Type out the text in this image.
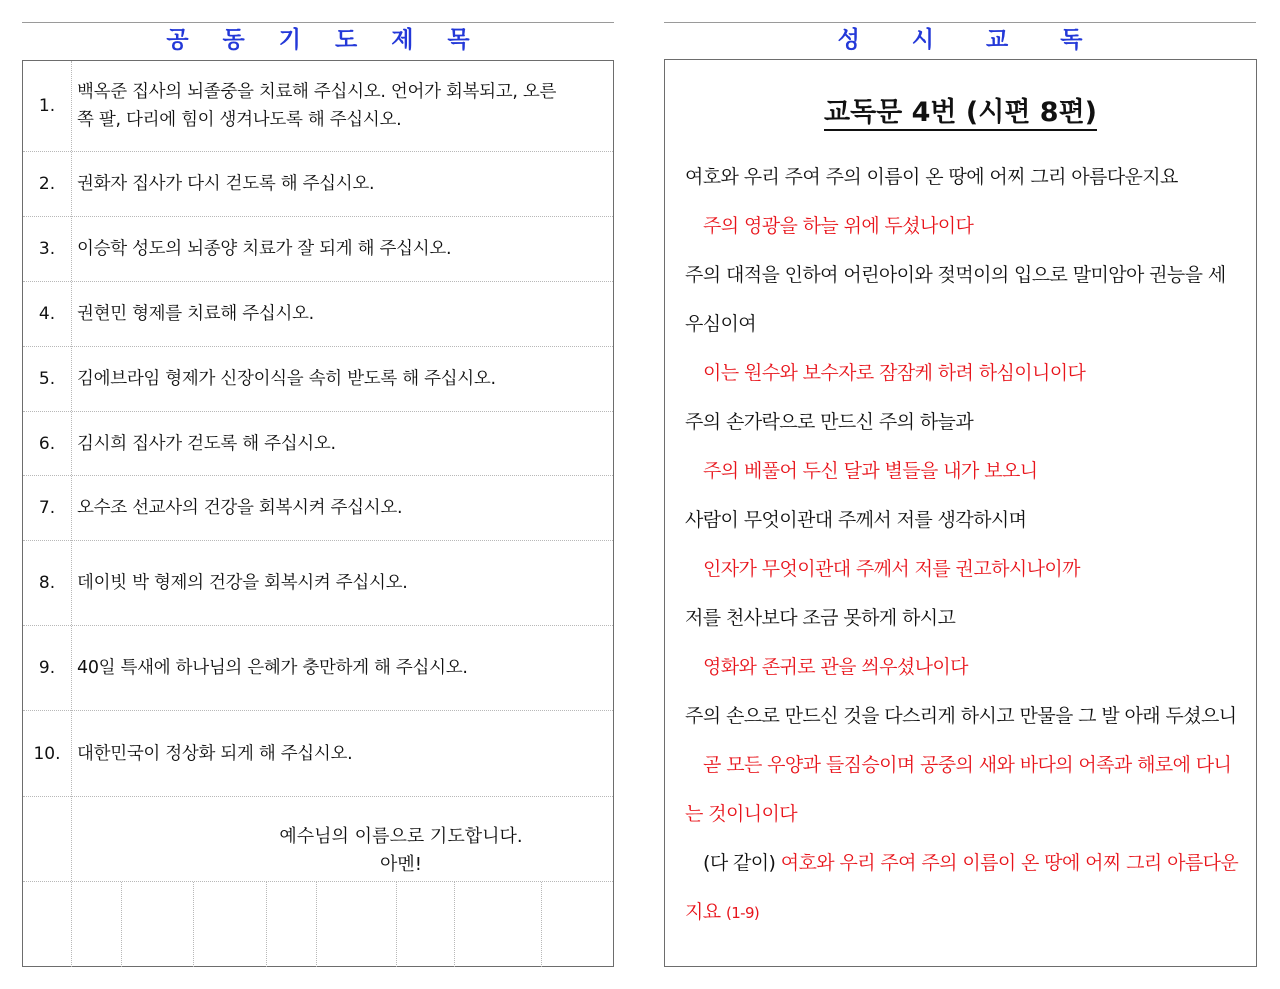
공동기도제목
1.
백옥준 집사의 뇌졸중을 치료해 주십시오. 언어가 회복되고, 오른쪽 팔, 다리에 힘이 생겨나도록 해 주십시오.
2.	권화자 집사가 다시 걷도록 해 주십시오.
3.	이승학 성도의 뇌종양 치료가 잘 되게 해 주십시오.
4.	권현민 형제를 치료해 주십시오.
5.	김에브라임 형제가 신장이식을 속히 받도록 해 주십시오.
6.	김시희 집사가 걷도록 해 주십시오.
7.	오수조 선교사의 건강을 회복시켜 주십시오.
8.	데이빗 박 형제의 건강을 회복시켜 주십시오.
9.	40일 특새에 하나님의 은혜가 충만하게 해 주십시오.
10. 대한민국이 정상화 되게 해 주십시오.
예수님의 이름으로 기도합니다.
아멘!
성시교독
교독문 4번 (시편 8편)
여호와 우리 주여 주의 이름이 온 땅에 어찌 그리 아름다운지요
주의 영광을 하늘 위에 두셨나이다
주의 대적을 인하여 어린아이와 젖먹이의 입으로 말미암아 권능을 세
우심이여
이는 원수와 보수자로 잠잠케 하려 하심이니이다
주의 손가락으로 만드신 주의 하늘과
주의 베풀어 두신 달과 별들을 내가 보오니
사람이 무엇이관대 주께서 저를 생각하시며
인자가 무엇이관대 주께서 저를 권고하시나이까
저를 천사보다 조금 못하게 하시고
영화와 존귀로 관을 씌우셨나이다
주의 손으로 만드신 것을 다스리게 하시고 만물을 그 발 아래 두셨으니
곧 모든 우양과 들짐승이며 공중의 새와 바다의 어족과 해로에 다니
는 것이니이다
(다 같이) 여호와 우리 주여 주의 이름이 온 땅에 어찌 그리 아름다운
지요 (1-9)
